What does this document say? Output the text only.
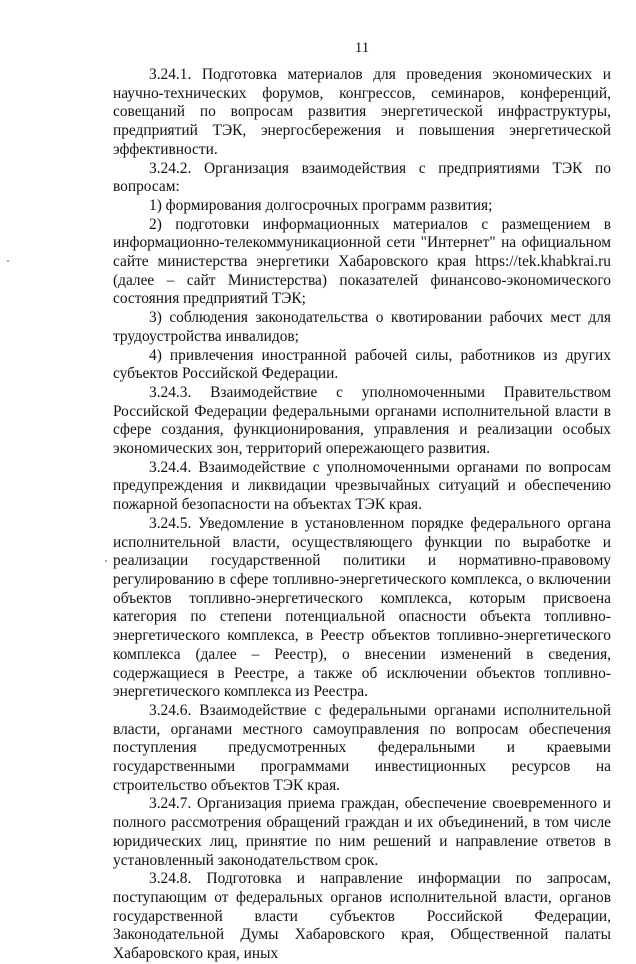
11

3.24.1. Подготовка материалов для проведения экономических и научно-технических форумов, конгрессов, семинаров, конференций, совещаний по вопросам развития энергетической инфраструктуры, предприятий ТЭК, энергосбережения и повышения энергетической эффективности.

3.24.2. Организация взаимодействия с предприятиями ТЭК по вопросам:

1) формирования долгосрочных программ развития;

2) подготовки информационных материалов с размещением в информационно-телекоммуникационной сети "Интернет" на официальном сайте министерства энергетики Хабаровского края https://tek.khabkrai.ru (далее – сайт Министерства) показателей финансово-экономического состояния предприятий ТЭК;

3) соблюдения законодательства о квотировании рабочих мест для трудоустройства инвалидов;

4) привлечения иностранной рабочей силы, работников из других субъектов Российской Федерации.

3.24.3. Взаимодействие с уполномоченными Правительством Российской Федерации федеральными органами исполнительной власти в сфере создания, функционирования, управления и реализации особых экономических зон, территорий опережающего развития.

3.24.4. Взаимодействие с уполномоченными органами по вопросам предупреждения и ликвидации чрезвычайных ситуаций и обеспечению пожарной безопасности на объектах ТЭК края.

3.24.5. Уведомление в установленном порядке федерального органа исполнительной власти, осуществляющего функции по выработке и реализации государственной политики и нормативно-правовому регулированию в сфере топливно-энергетического комплекса, о включении объектов топливно-энергетического комплекса, которым присвоена категория по степени потенциальной опасности объекта топливно-энергетического комплекса, в Реестр объектов топливно-энергетического комплекса (далее – Реестр), о внесении изменений в сведения, содержащиеся в Реестре, а также об исключении объектов топливно-энергетического комплекса из Реестра.

3.24.6. Взаимодействие с федеральными органами исполнительной власти, органами местного самоуправления по вопросам обеспечения поступления предусмотренных федеральными и краевыми государственными программами инвестиционных ресурсов на строительство объектов ТЭК края.

3.24.7. Организация приема граждан, обеспечение своевременного и полного рассмотрения обращений граждан и их объединений, в том числе юридических лиц, принятие по ним решений и направление ответов в установленный законодательством срок.

3.24.8. Подготовка и направление информации по запросам, поступающим от федеральных органов исполнительной власти, органов государственной власти субъектов Российской Федерации, Законодательной Думы Хабаровского края, Общественной палаты Хабаровского края, иных
